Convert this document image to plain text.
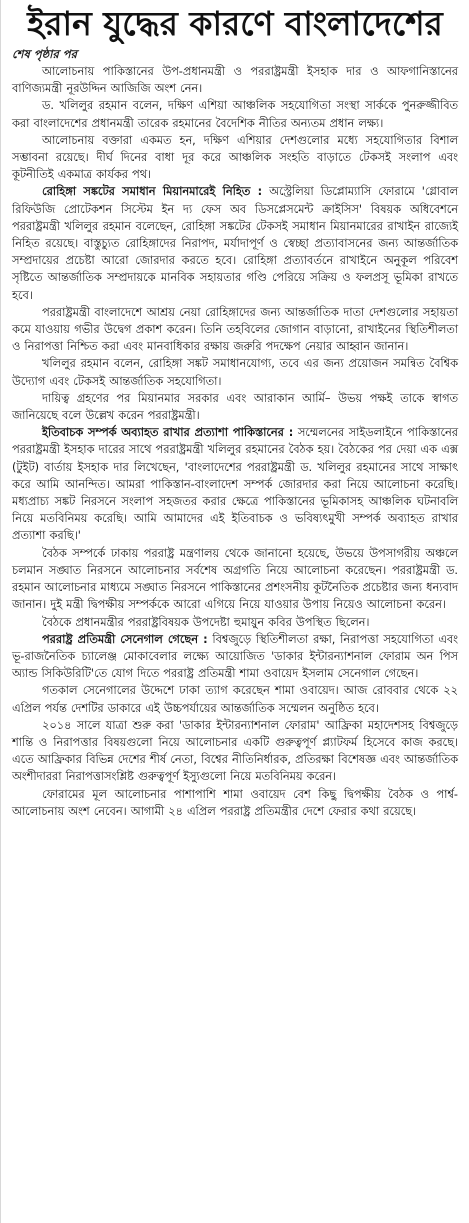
ইরান যুদ্ধের কারণে বাংলাদেশের
শেষ পৃষ্ঠার পর

আলোচনায় পাকিস্তানের উপ-প্রধানমন্ত্রী ও পররাষ্ট্রমন্ত্রী ইসহাক দার ও আফগানিস্তানের বাণিজ্যমন্ত্রী নূরউদ্দিন আজিজি অংশ নেন।

ড. খলিলুর রহমান বলেন, দক্ষিণ এশিয়া আঞ্চলিক সহযোগিতা সংস্থা সার্ককে পুনরুজ্জীবিত করা বাংলাদেশের প্রধানমন্ত্রী তারেক রহমানের বৈদেশিক নীতির অন্যতম প্রধান লক্ষ্য।

আলোচনায় বক্তারা একমত হন, দক্ষিণ এশিয়ার দেশগুলোর মধ্যে সহযোগিতার বিশাল সম্ভাবনা রয়েছে। দীর্ঘ দিনের বাধা দূর করে আঞ্চলিক সংহতি বাড়াতে টেকসই সংলাপ এবং কূটনীতিই একমাত্র কার্যকর পথ।

রোহিঙ্গা সঙ্কটের সমাধান মিয়ানমারেই নিহিত : অস্ট্রেলিয়া ডিপ্লোম্যাসি ফোরামে 'গ্লোবাল রিফিউজি প্রোটেকশন সিস্টেম ইন দ্য ফেস অব ডিসপ্লেসমেন্ট ক্রাইসিস' বিষয়ক অধিবেশনে পররাষ্ট্রমন্ত্রী খলিলুর রহমান বলেছেন, রোহিঙ্গা সঙ্কটের টেকসই সমাধান মিয়ানমারের রাখাইন রাজ্যেই নিহিত রয়েছে। বাস্তুচ্যুত রোহিঙ্গাদের নিরাপদ, মর্যাদাপূর্ণ ও স্বেচ্ছা প্রত্যাবাসনের জন্য আন্তর্জাতিক সম্প্রদায়ের প্রচেষ্টা আরো জোরদার করতে হবে। রোহিঙ্গা প্রত্যাবর্তনে রাখাইনে অনুকূল পরিবেশ সৃষ্টিতে আন্তর্জাতিক সম্প্রদায়কে মানবিক সহায়তার গণ্ডি পেরিয়ে সক্রিয় ও ফলপ্রসূ ভূমিকা রাখতে হবে।

পররাষ্ট্রমন্ত্রী বাংলাদেশে আশ্রয় নেয়া রোহিঙ্গাদের জন্য আন্তর্জাতিক দাতা দেশগুলোর সহায়তা কমে যাওয়ায় গভীর উদ্বেগ প্রকাশ করেন। তিনি তহবিলের জোগান বাড়ানো, রাখাইনের স্থিতিশীলতা ও নিরাপত্তা নিশ্চিত করা এবং মানবাধিকার রক্ষায় জরুরি পদক্ষেপ নেয়ার আহ্বান জানান।

খলিলুর রহমান বলেন, রোহিঙ্গা সঙ্কট সমাধানযোগ্য, তবে এর জন্য প্রয়োজন সমন্বিত বৈশ্বিক উদ্যোগ এবং টেকসই আন্তর্জাতিক সহযোগিতা।

দায়িত্ব গ্রহণের পর মিয়ানমার সরকার এবং আরাকান আর্মি– উভয় পক্ষই তাকে স্বাগত জানিয়েছে বলে উল্লেখ করেন পররাষ্ট্রমন্ত্রী।

ইতিবাচক সম্পর্ক অব্যাহত রাখার প্রত্যাশা পাকিস্তানের : সম্মেলনের সাইডলাইনে পাকিস্তানের পররাষ্ট্রমন্ত্রী ইসহাক দারের সাথে পররাষ্ট্রমন্ত্রী খলিলুর রহমানের বৈঠক হয়। বৈঠকের পর দেয়া এক এক্স (টুইট) বার্তায় ইসহাক দার লিখেছেন, 'বাংলাদেশের পররাষ্ট্রমন্ত্রী ড. খলিলুর রহমানের সাথে সাক্ষাৎ করে আমি আনন্দিত। আমরা পাকিস্তান-বাংলাদেশ সম্পর্ক জোরদার করা নিয়ে আলোচনা করেছি। মধ্যপ্রাচ্য সঙ্কট নিরসনে সংলাপ সহজতর করার ক্ষেত্রে পাকিস্তানের ভূমিকাসহ আঞ্চলিক ঘটনাবলি নিয়ে মতবিনিময় করেছি। আমি আমাদের এই ইতিবাচক ও ভবিষ্যৎমুখী সম্পর্ক অব্যাহত রাখার প্রত্যাশা করছি।'

বৈঠক সম্পর্কে ঢাকায় পররাষ্ট্র মন্ত্রণালয় থেকে জানানো হয়েছে, উভয়ে উপসাগরীয় অঞ্চলে চলমান সঙ্ঘাত নিরসনে আলোচনার সর্বশেষ অগ্রগতি নিয়ে আলোচনা করেছেন। পররাষ্ট্রমন্ত্রী ড. রহমান আলোচনার মাধ্যমে সঙ্ঘাত নিরসনে পাকিস্তানের প্রশংসনীয় কূটনৈতিক প্রচেষ্টার জন্য ধন্যবাদ জানান। দুই মন্ত্রী দ্বিপক্ষীয় সম্পর্ককে আরো এগিয়ে নিয়ে যাওয়ার উপায় নিয়েও আলোচনা করেন।

বৈঠকে প্রধানমন্ত্রীর পররাষ্ট্রবিষয়ক উপদেষ্টা হুমায়ুন কবির উপস্থিত ছিলেন।

পররাষ্ট্র প্রতিমন্ত্রী সেনেগাল গেছেন : বিশ্বজুড়ে স্থিতিশীলতা রক্ষা, নিরাপত্তা সহযোগিতা এবং ভূ-রাজনৈতিক চ্যালেঞ্জ মোকাবেলার লক্ষ্যে আয়োজিত 'ডাকার ইন্টারন্যাশনাল ফোরাম অন পিস অ্যান্ড সিকিউরিটি'তে যোগ দিতে পররাষ্ট্র প্রতিমন্ত্রী শামা ওবায়েদ ইসলাম সেনেগাল গেছেন।

গতকাল সেনেগালের উদ্দেশে ঢাকা ত্যাগ করেছেন শামা ওবায়েদ। আজ রোববার থেকে ২২ এপ্রিল পর্যন্ত দেশটির ডাকারে এই উচ্চপর্যায়ের আন্তর্জাতিক সম্মেলন অনুষ্ঠিত হবে।

২০১৪ সালে যাত্রা শুরু করা 'ডাকার ইন্টারন্যাশনাল ফোরাম' আফ্রিকা মহাদেশসহ বিশ্বজুড়ে শান্তি ও নিরাপত্তার বিষয়গুলো নিয়ে আলোচনার একটি গুরুত্বপূর্ণ প্ল্যাটফর্ম হিসেবে কাজ করছে। এতে আফ্রিকার বিভিন্ন দেশের শীর্ষ নেতা, বিশ্বের নীতিনির্ধারক, প্রতিরক্ষা বিশেষজ্ঞ এবং আন্তর্জাতিক অংশীদাররা নিরাপত্তাসংশ্লিষ্ট গুরুত্বপূর্ণ ইস্যুগুলো নিয়ে মতবিনিময় করেন।

ফোরামের মূল আলোচনার পাশাপাশি শামা ওবায়েদ বেশ কিছু দ্বিপক্ষীয় বৈঠক ও পার্শ্ব-আলোচনায় অংশ নেবেন। আগামী ২৪ এপ্রিল পররাষ্ট্র প্রতিমন্ত্রীর দেশে ফেরার কথা রয়েছে।
